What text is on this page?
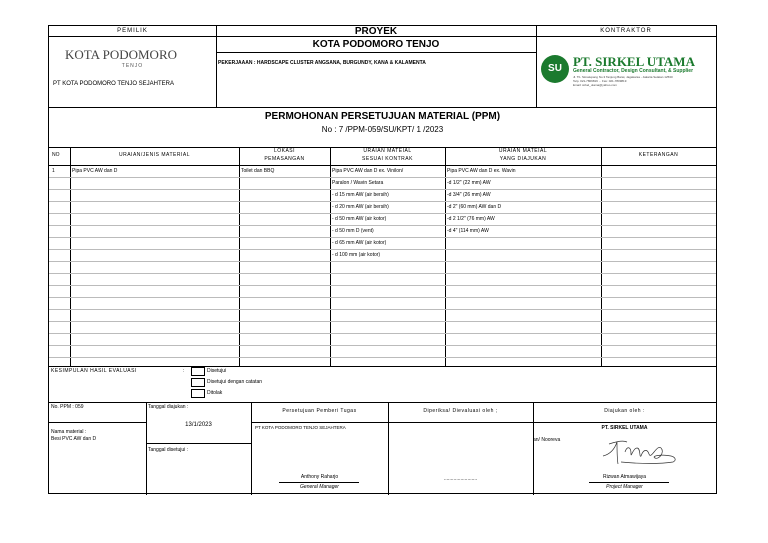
PEMILIK
KOTA PODOMORO
TENJO
PT KOTA PODOMORO TENJO SEJAHTERA
PROYEK
KOTA PODOMORO TENJO
PEKERJAAAN : HARDSCAPE CLUSTER ANGSANA, BURGUNDY, KANA & KALAMENTA
KONTRAKTOR
SU PT. SIRKEL UTAMA
General Contractor, Design Consultant, & Supplier
Jl. Tb. Simatupang No.3 Tanjung Barat, Jagakarsa - Jakarta Selatan 12530
Telp. 021-7809819 ... Fax: 021-7809819
Email: sirkel_utama@yahoo.com
PERMOHONAN PERSETUJUAN MATERIAL (PPM)
No : 7 /PPM-059/SU/KPT/ 1 /2023
NO	URAIAN/JENIS MATERIAL
LOKASI
PEMASANGAN
URAIAN MATEIAL
SESUAI KONTRAK
URAIAN MATEIAL
YANG DIAJUKAN
KETERANGAN
1	Pipa PVC AW dan D	Toilet dan BBQ	Pipa PVC AW dan D ex. Vinilon/	Pipa PVC AW dan D ex. Wavin
Paralon / Wavin Setara	-d 1/2" (22 mm) AW
- d 15 mm AW (air bersih)	-d 3/4" (26 mm) AW
- d 20 mm AW (air bersih)	-d 2" (60 mm) AW dan D
- d 50 mm AW (air kotor)	-d 2 1/2" (76 mm) AW
- d 50 mm D (vent)	-d 4" (114 mm) AW
- d 65 mm AW (air kotor)
- d 100 mm (air kotor)
KESIMPULAN HASIL EVALUASI	:	Disetujui
Disetujui dengan catatan
Ditolak
No. PPM : 059	Tanggal diajukan :
13/1/2023
Tanggal disetujui :
Nama material :
Besi PVC AW dan D
Persetujuan Pemberi Tugas
PT KOTA PODOMORO TENJO SEJAHTERA
Anthony Raharjo
General Manager
Diperiksa/ Dievaluasi oleh ;
........................
an/ Nooreva
Diajukan oleh :
PT. SIRKEL UTAMA
Rizwan Atmawijaya
Project Manager
